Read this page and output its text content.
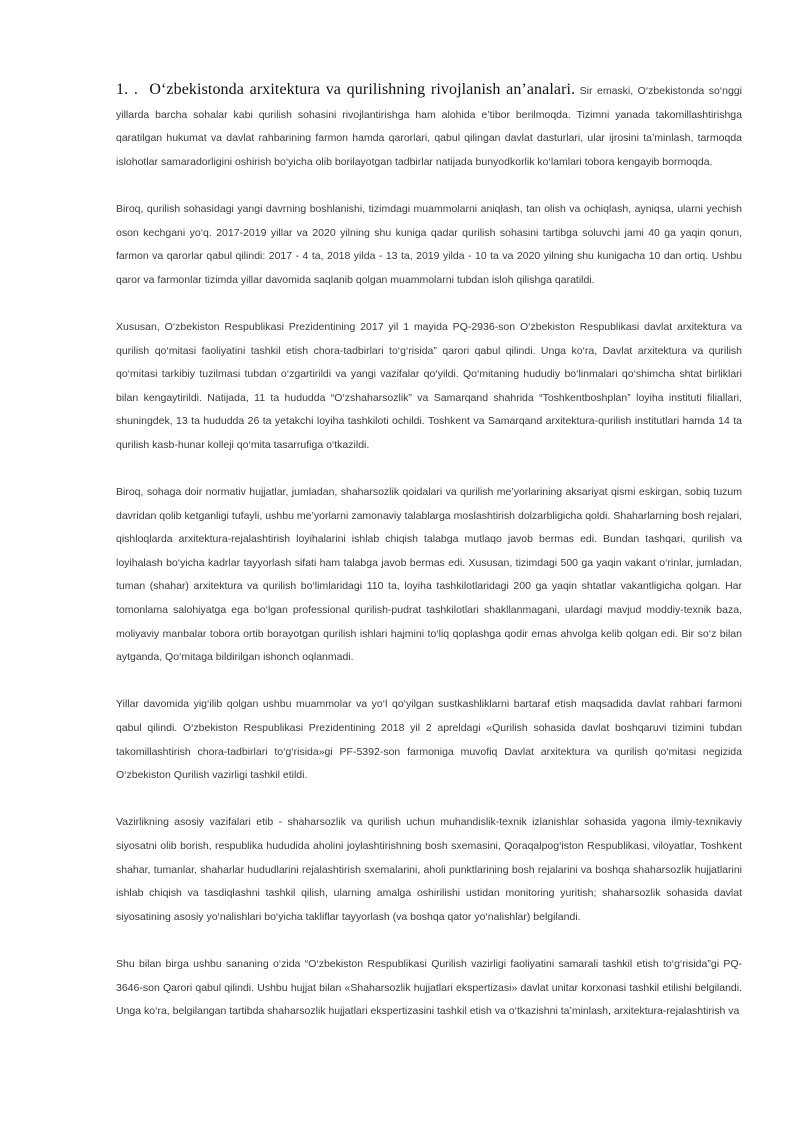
1. . O‘zbekistonda arxitektura va qurilishning rivojlanish an’analari. Sir emaski, O‘zbekistonda so‘nggi yillarda barcha sohalar kabi qurilish sohasini rivojlantirishga ham alohida e’tibor berilmoqda. Tizimni yanada takomillashtirishga qaratilgan hukumat va davlat rahbarining farmon hamda qarorlari, qabul qilingan davlat dasturlari, ular ijrosini ta’minlash, tarmoqda islohotlar samaradorligini oshirish bo‘yicha olib borilayotgan tadbirlar natijada bunyodkorlik ko‘lamlari tobora kengayib bormoqda.

Biroq, qurilish sohasidagi yangi davrning boshlanishi, tizimdagi muammolarni aniqlash, tan olish va ochiqlash, ayniqsa, ularni yechish oson kechgani yo‘q. 2017-2019 yillar va 2020 yilning shu kuniga qadar qurilish sohasini tartibga soluvchi jami 40 ga yaqin qonun, farmon va qarorlar qabul qilindi: 2017 - 4 ta, 2018 yilda - 13 ta, 2019 yilda - 10 ta va 2020 yilning shu kunigacha 10 dan ortiq. Ushbu qaror va farmonlar tizimda yillar davomida saqlanib qolgan muammolarni tubdan isloh qilishga qaratildi.

Xususan, O‘zbekiston Respublikasi Prezidentining 2017 yil 1 mayida PQ-2936-son O‘zbekiston Respublikasi davlat arxitektura va qurilish qo‘mitasi faoliyatini tashkil etish chora-tadbirlari to‘g‘risida” qarori qabul qilindi. Unga ko‘ra, Davlat arxitektura va qurilish qo‘mitasi tarkibiy tuzilmasi tubdan o‘zgartirildi va yangi vazifalar qo‘yildi. Qo‘mitaning hududiy bo‘linmalari qo‘shimcha shtat birliklari bilan kengaytirildi. Natijada, 11 ta hududda “O‘zshaharsozlik” va Samarqand shahrida “Toshkentboshplan” loyiha instituti filiallari, shuningdek, 13 ta hududda 26 ta yetakchi loyiha tashkiloti ochildi. Toshkent va Samarqand arxitektura-qurilish institutlari hamda 14 ta qurilish kasb-hunar kolleji qo‘mita tasarrufiga o‘tkazildi.

Biroq, sohaga doir normativ hujjatlar, jumladan, shaharsozlik qoidalari va qurilish me’yorlarining aksariyat qismi eskirgan, sobiq tuzum davridan qolib ketganligi tufayli, ushbu me’yorlarni zamonaviy talablarga moslashtirish dolzarbligicha qoldi. Shaharlarning bosh rejalari, qishloqlarda arxitektura-rejalashtirish loyihalarini ishlab chiqish talabga mutlaqo javob bermas edi. Bundan tashqari, qurilish va loyihalash bo‘yicha kadrlar tayyorlash sifati ham talabga javob bermas edi. Xususan, tizimdagi 500 ga yaqin vakant o‘rinlar, jumladan, tuman (shahar) arxitektura va qurilish bo‘limlaridagi 110 ta, loyiha tashkilotlaridagi 200 ga yaqin shtatlar vakantligicha qolgan. Har tomonlama salohiyatga ega bo‘lgan professional qurilish-pudrat tashkilotlari shakllanmagani, ulardagi mavjud moddiy-texnik baza, moliyaviy manbalar tobora ortib borayotgan qurilish ishlari hajmini to‘liq qoplashga qodir emas ahvolga kelib qolgan edi. Bir so‘z bilan aytganda, Qo‘mitaga bildirilgan ishonch oqlanmadi.

Yillar davomida yig‘ilib qolgan ushbu muammolar va yo‘l qo‘yilgan sustkashliklarni bartaraf etish maqsadida davlat rahbari farmoni qabul qilindi. O‘zbekiston Respublikasi Prezidentining 2018 yil 2 apreldagi «Qurilish sohasida davlat boshqaruvi tizimini tubdan takomillashtirish chora-tadbirlari to‘g‘risida»gi PF-5392-son farmoniga muvofiq Davlat arxitektura va qurilish qo‘mitasi negizida O‘zbekiston Qurilish vazirligi tashkil etildi.

Vazirlikning asosiy vazifalari etib - shaharsozlik va qurilish uchun muhandislik-texnik izlanishlar sohasida yagona ilmiy-texnikaviy siyosatni olib borish, respublika hududida aholini joylashtirishning bosh sxemasini, Qoraqalpog‘iston Respublikasi, viloyatlar, Toshkent shahar, tumanlar, shaharlar hududlarini rejalashtirish sxemalarini, aholi punktlarining bosh rejalarini va boshqa shaharsozlik hujjatlarini ishlab chiqish va tasdiqlashni tashkil qilish, ularning amalga oshirilishi ustidan monitoring yuritish; shaharsozlik sohasida davlat siyosatining asosiy yo‘nalishlari bo‘yicha takliflar tayyorlash (va boshqa qator yo‘nalishlar) belgilandi.

Shu bilan birga ushbu sananing o‘zida “O‘zbekiston Respublikasi Qurilish vazirligi faoliyatini samarali tashkil etish to‘g‘risida”gi PQ-3646-son Qarori qabul qilindi. Ushbu hujjat bilan «Shaharsozlik hujjatlari ekspertizasi» davlat unitar korxonasi tashkil etilishi belgilandi. Unga ko‘ra, belgilangan tartibda shaharsozlik hujjatlari ekspertizasini tashkil etish va o‘tkazishni ta’minlash, arxitektura-rejalashtirish va
